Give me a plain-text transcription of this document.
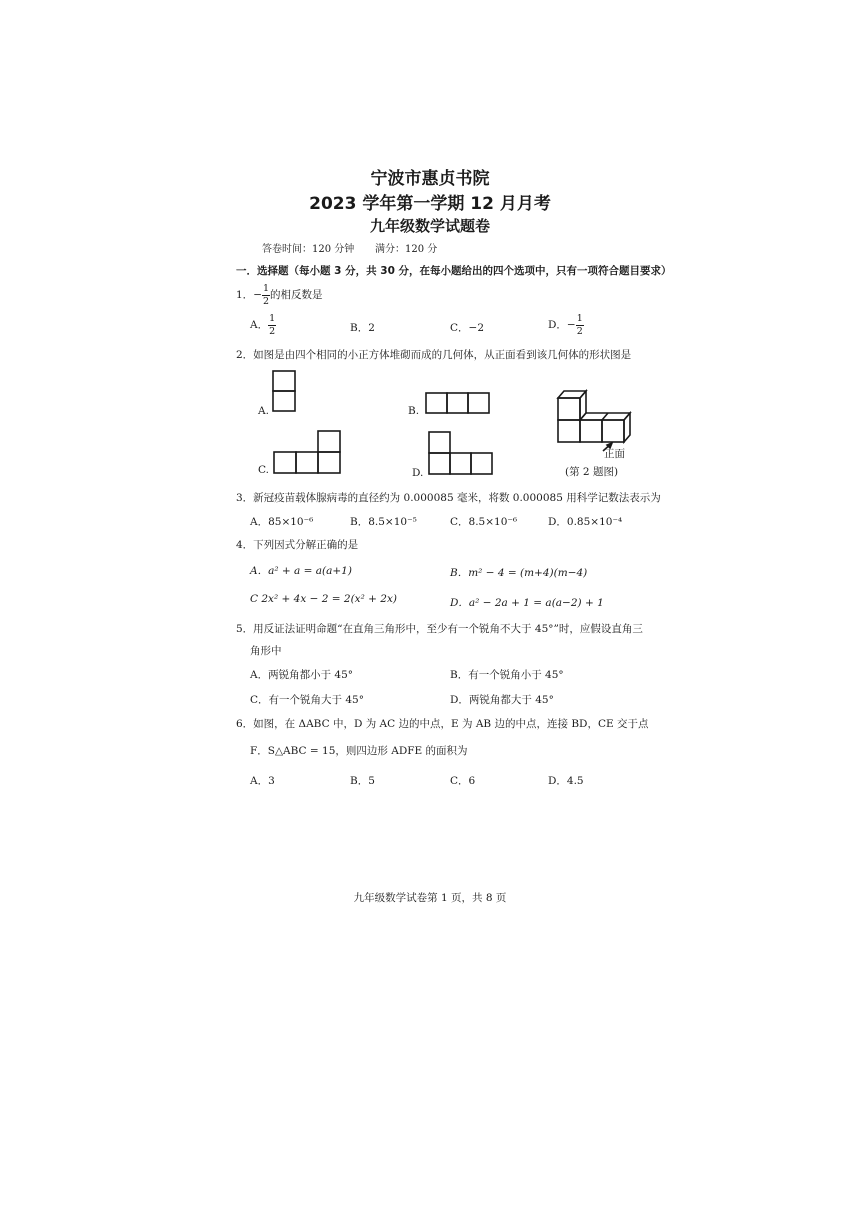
宁波市惠贞书院
2023 学年第一学期 12 月月考
九年级数学试题卷
答卷时间：120 分钟 满分：120 分
一．选择题（每小题 3 分，共 30 分，在每小题给出的四个选项中，只有一项符合题目要求）
1．− $\frac{1}{2}$ 的相反数是
A． $\frac{1}{2}$	B．2	C．−2	D．− $\frac{1}{2}$
2．如图是由四个相同的小正方体堆砌而成的几何体，从正面看到该几何体的形状图是
A.	B.
C.	D.
正面
(第 2 题图)
3．新冠疫苗载体腺病毒的直径约为 0.000085 毫米，将数 0.000085 用科学记数法表示为
A．85×10⁻⁶	B．8.5×10⁻⁵	C．8.5×10⁻⁶	D．0.85×10⁻⁴
4．下列因式分解正确的是
A．a² + a = a(a+1)	B．m² − 4 = (m+4)(m−4)
C 2x² + 4x − 2 = 2(x² + 2x)	D．a² − 2a + 1 = a(a−2) + 1
5．用反证法证明命题“在直角三角形中，至少有一个锐角不大于 45°”时，应假设直角三
角形中
A．两锐角都小于 45°	B．有一个锐角小于 45°
C．有一个锐角大于 45°	D．两锐角都大于 45°
6．如图，在 ΔABC 中，D 为 AC 边的中点，E 为 AB 边的中点，连接 BD，CE 交于点
F．S△ABC = 15，则四边形 ADFE 的面积为
A．3	B．5	C．6	D．4.5
九年级数学试卷第 1 页，共 8 页
